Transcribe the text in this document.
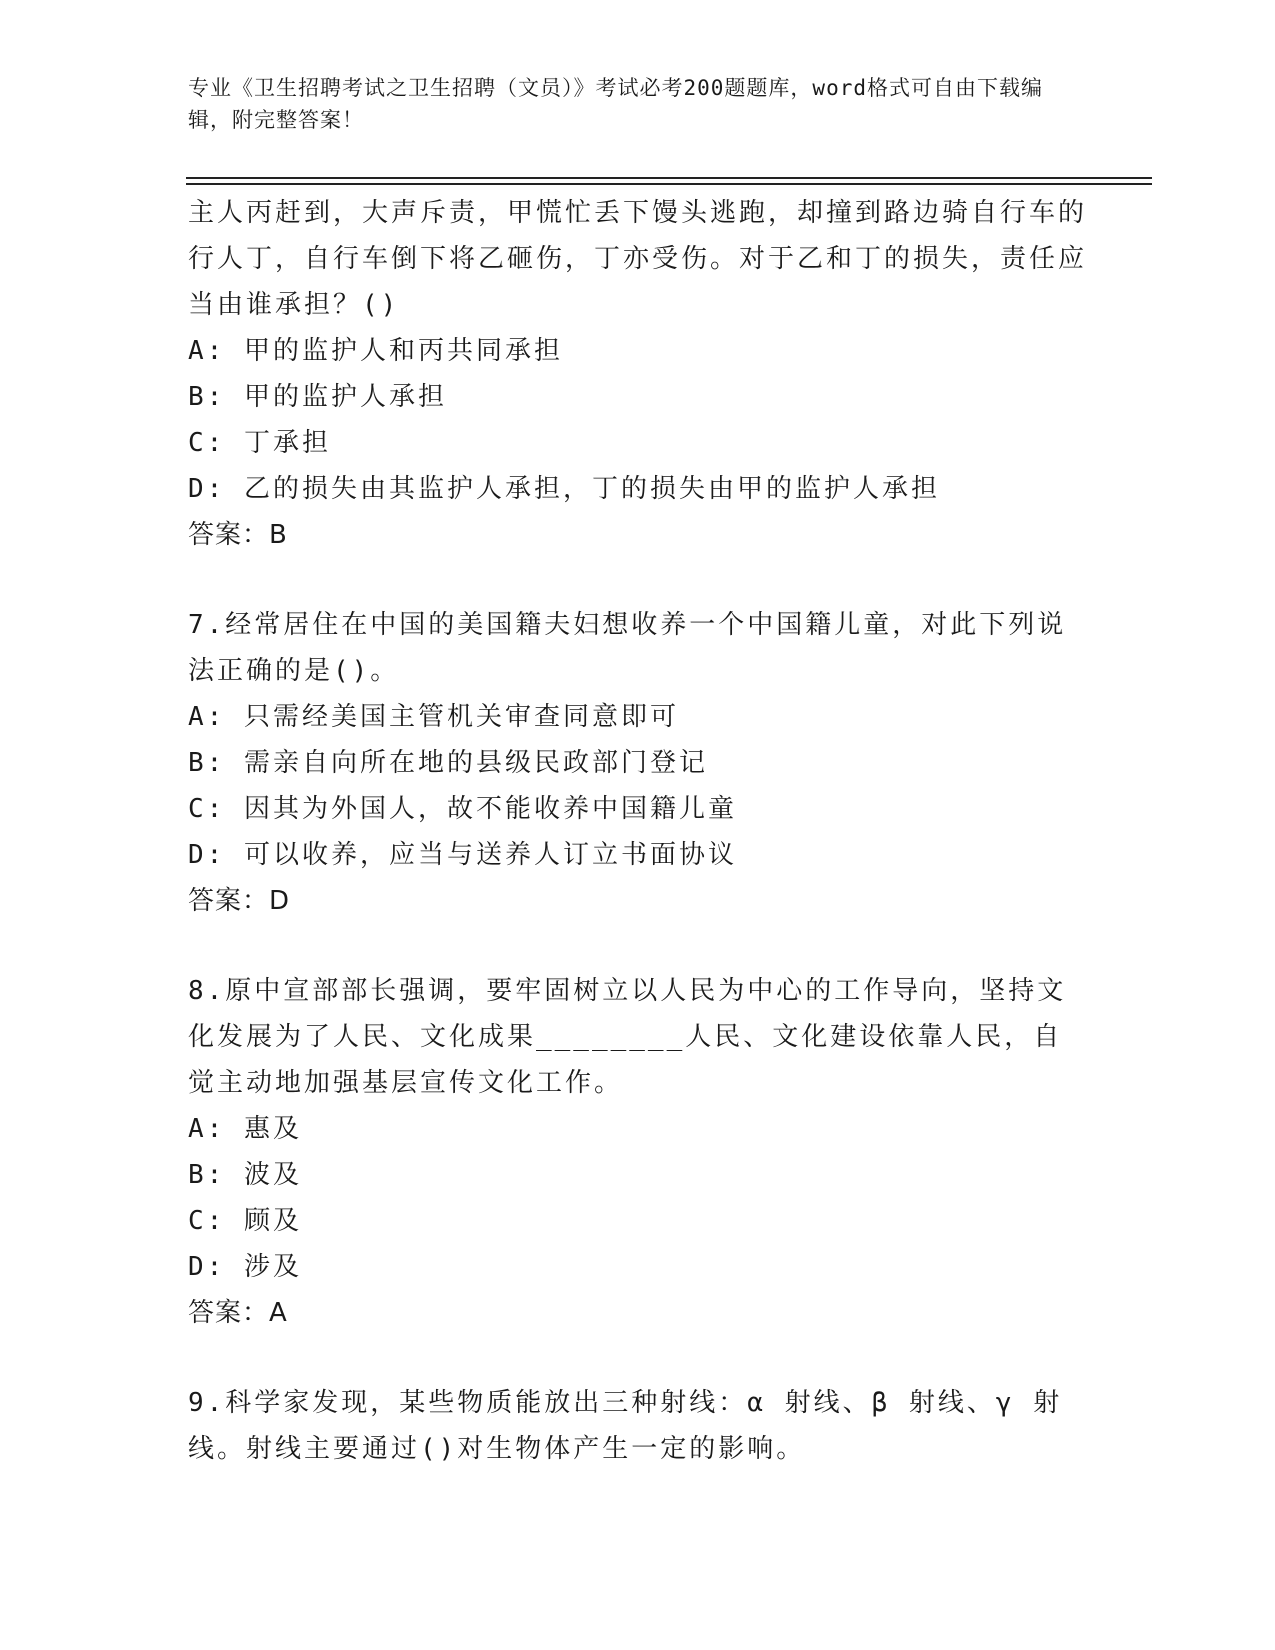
专业《卫生招聘考试之卫生招聘（文员）》考试必考200题题库，word格式可自由下载编辑，附完整答案！

主人丙赶到，大声斥责，甲慌忙丢下馒头逃跑，却撞到路边骑自行车的行人丁，自行车倒下将乙砸伤，丁亦受伤。对于乙和丁的损失，责任应当由谁承担？()

A: 甲的监护人和丙共同承担

B: 甲的监护人承担

C: 丁承担

D: 乙的损失由其监护人承担，丁的损失由甲的监护人承担

答案：B

7.经常居住在中国的美国籍夫妇想收养一个中国籍儿童，对此下列说法正确的是()。

A: 只需经美国主管机关审查同意即可

B: 需亲自向所在地的县级民政部门登记

C: 因其为外国人，故不能收养中国籍儿童

D: 可以收养，应当与送养人订立书面协议

答案：D

8.原中宣部部长强调，要牢固树立以人民为中心的工作导向，坚持文化发展为了人民、文化成果________人民、文化建设依靠人民，自觉主动地加强基层宣传文化工作。

A: 惠及

B: 波及

C: 顾及

D: 涉及

答案：A

9.科学家发现，某些物质能放出三种射线：α 射线、β 射线、γ 射线。射线主要通过()对生物体产生一定的影响。
